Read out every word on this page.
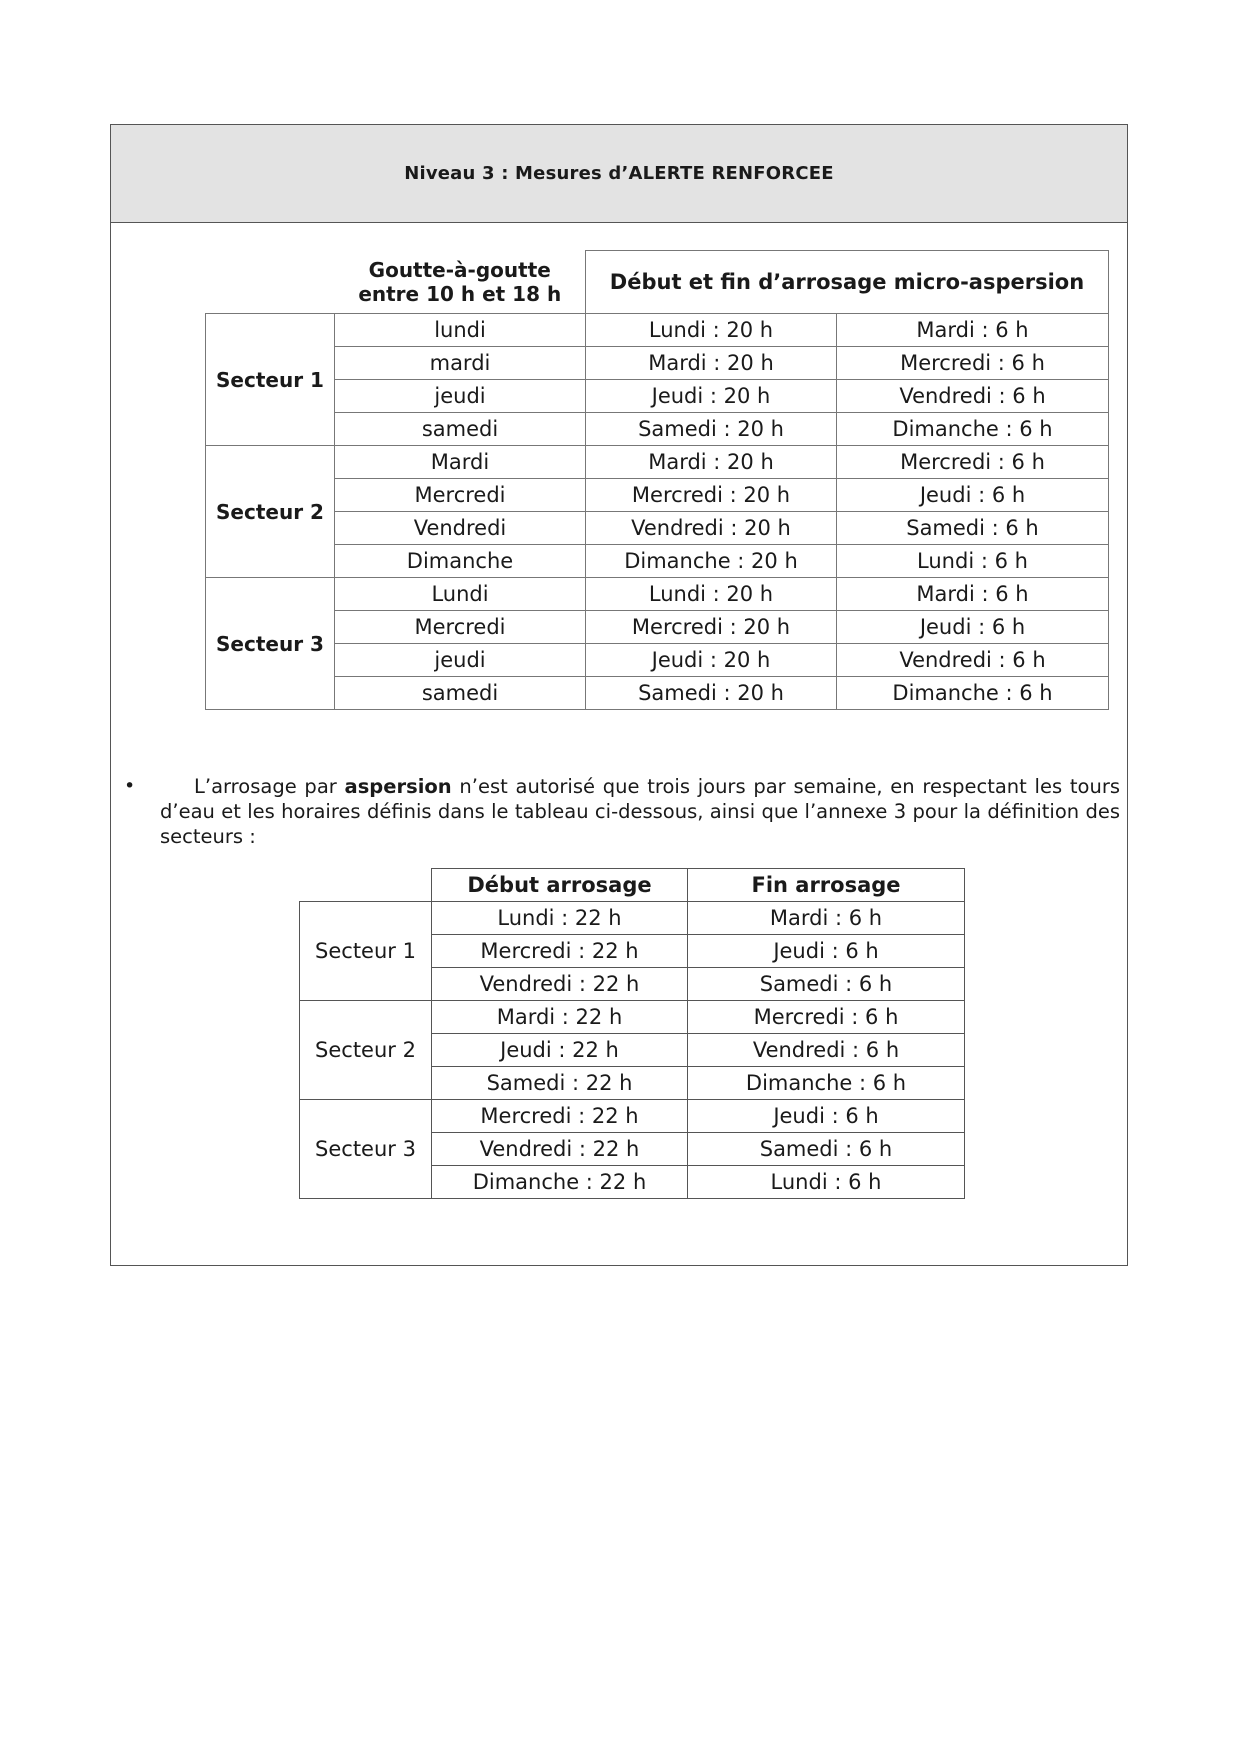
Niveau 3 : Mesures d’ALERTE RENFORCEE
	Goutte-à-goutte
entre 10 h et 18 h	Début et fin d’arrosage micro-aspersion	
Secteur 1	lundi	Lundi : 20 h	Mardi : 6 h
	mardi	Mardi : 20 h	Mercredi : 6 h
	jeudi	Jeudi : 20 h	Vendredi : 6 h
	samedi	Samedi : 20 h	Dimanche : 6 h
Secteur 2	Mardi	Mardi : 20 h	Mercredi : 6 h
	Mercredi	Mercredi : 20 h	Jeudi : 6 h
	Vendredi	Vendredi : 20 h	Samedi : 6 h
	Dimanche	Dimanche : 20 h	Lundi : 6 h
Secteur 3	Lundi	Lundi : 20 h	Mardi : 6 h
	Mercredi	Mercredi : 20 h	Jeudi : 6 h
	jeudi	Jeudi : 20 h	Vendredi : 6 h
	samedi	Samedi : 20 h	Dimanche : 6 h
•	L’arrosage par aspersion n’est autorisé que trois jours par semaine, en respectant les tours d’eau et les horaires définis dans le tableau ci-dessous, ainsi que l’annexe 3 pour la définition des secteurs :
	Début arrosage	Fin arrosage
Secteur 1	Lundi : 22 h	Mardi : 6 h
	Mercredi : 22 h	Jeudi : 6 h
	Vendredi : 22 h	Samedi : 6 h
Secteur 2	Mardi : 22 h	Mercredi : 6 h
	Jeudi : 22 h	Vendredi : 6 h
	Samedi : 22 h	Dimanche : 6 h
Secteur 3	Mercredi : 22 h	Jeudi : 6 h
	Vendredi : 22 h	Samedi : 6 h
	Dimanche : 22 h	Lundi : 6 h
